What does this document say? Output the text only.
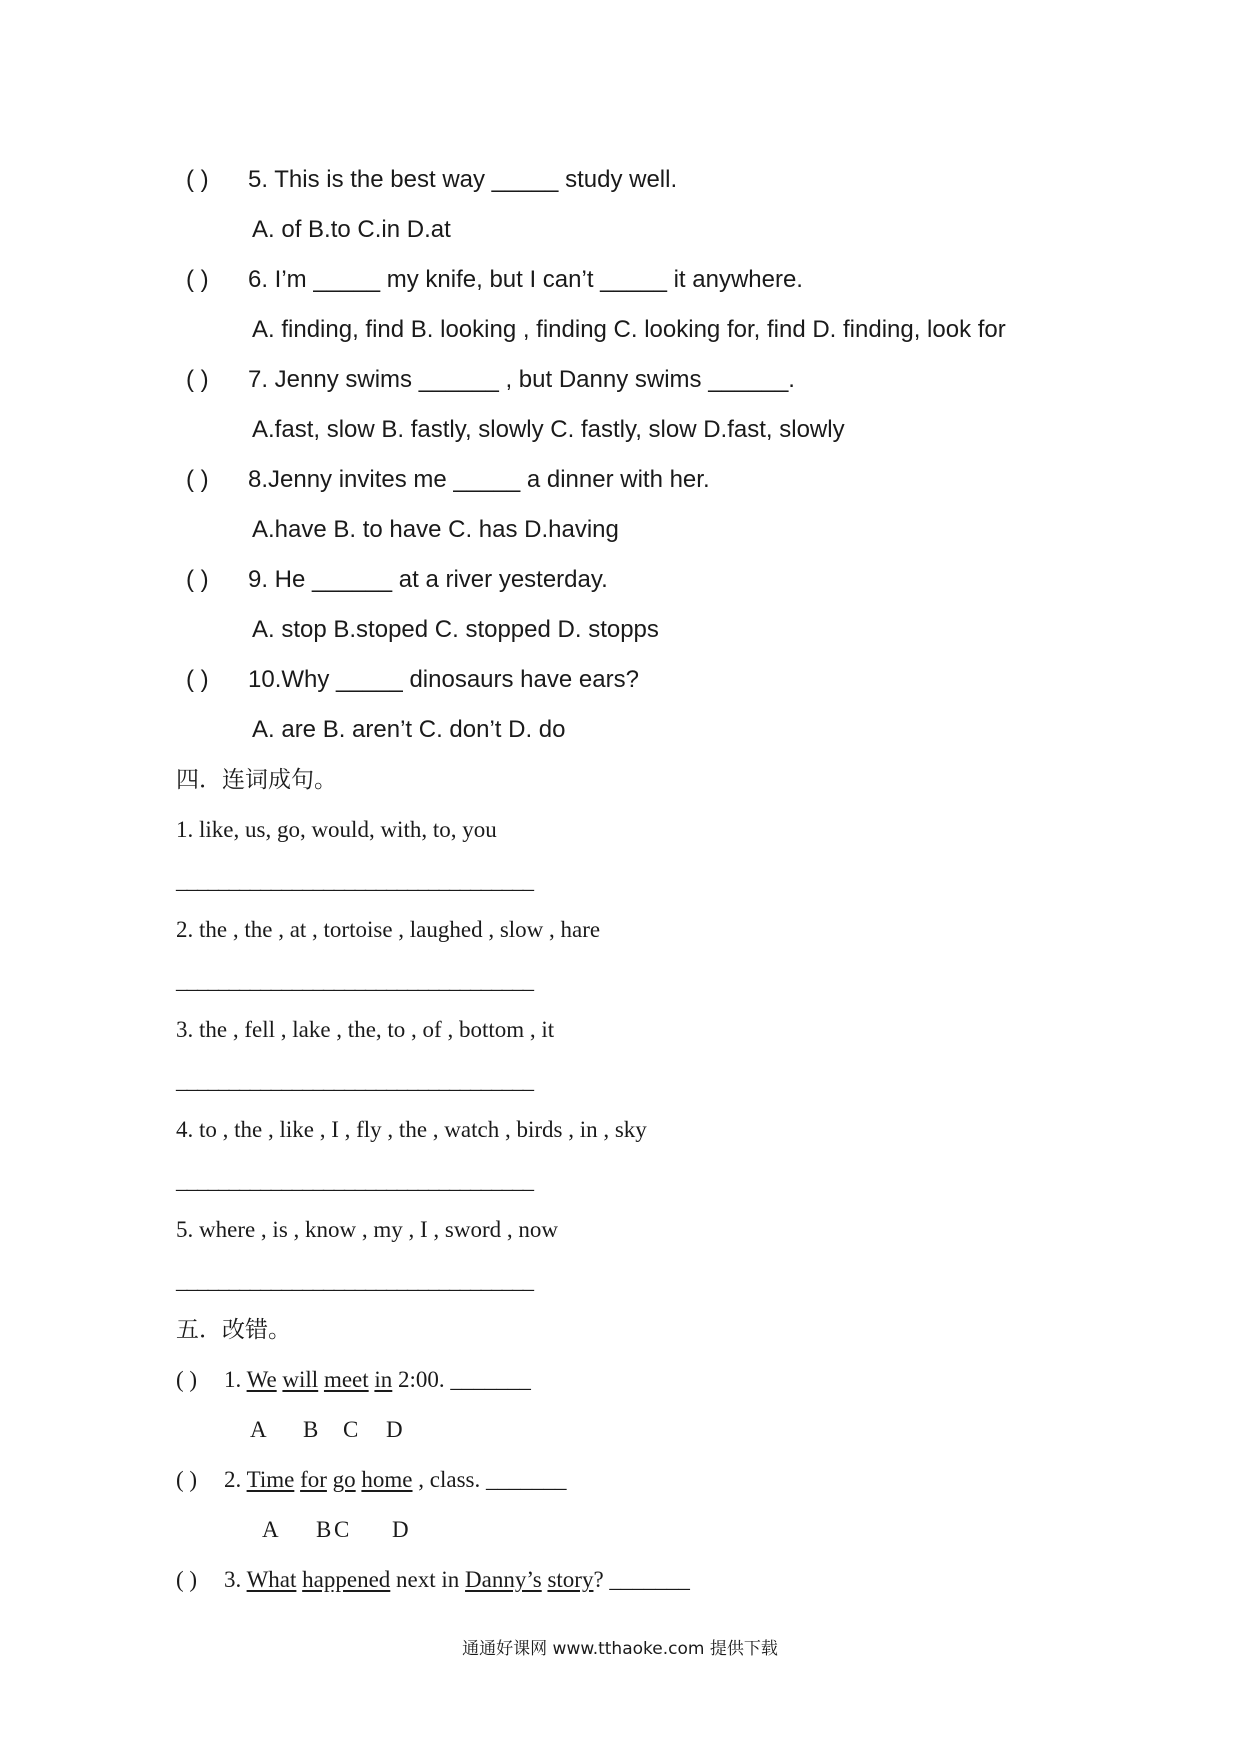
( ) 5. This is the best way _____ study well.
A. of B.to C.in D.at
( ) 6. I’m _____ my knife, but I can’t _____ it anywhere.
A. finding, find B. looking , finding C. looking for, find D. finding, look for
( ) 7. Jenny swims ______ , but Danny swims ______.
A.fast, slow B. fastly, slowly C. fastly, slow D.fast, slowly
( ) 8.Jenny invites me _____ a dinner with her.
A.have B. to have C. has D.having
( ) 9. He ______ at a river yesterday.
A. stop B.stoped C. stopped D. stopps
( ) 10.Why _____ dinosaurs have ears?
A. are B. aren’t C. don’t D. do
四．连词成句。
1. like, us, go, would, with, to, you
__________________________________
2. the , the , at , tortoise , laughed , slow , hare
__________________________________
3. the , fell , lake , the, to , of , bottom , it
__________________________________
4. to , the , like , I , fly , the , watch , birds , in , sky
__________________________________
5. where , is , know , my , I , sword , now
__________________________________
五．改错。
( ) 1. We will meet in 2:00. _______
A B C D
( ) 2. Time for go home , class. _______
A B C D
( ) 3. What happened next in Danny’s story? _______
通通好课网 www.tthaoke.com 提供下载
